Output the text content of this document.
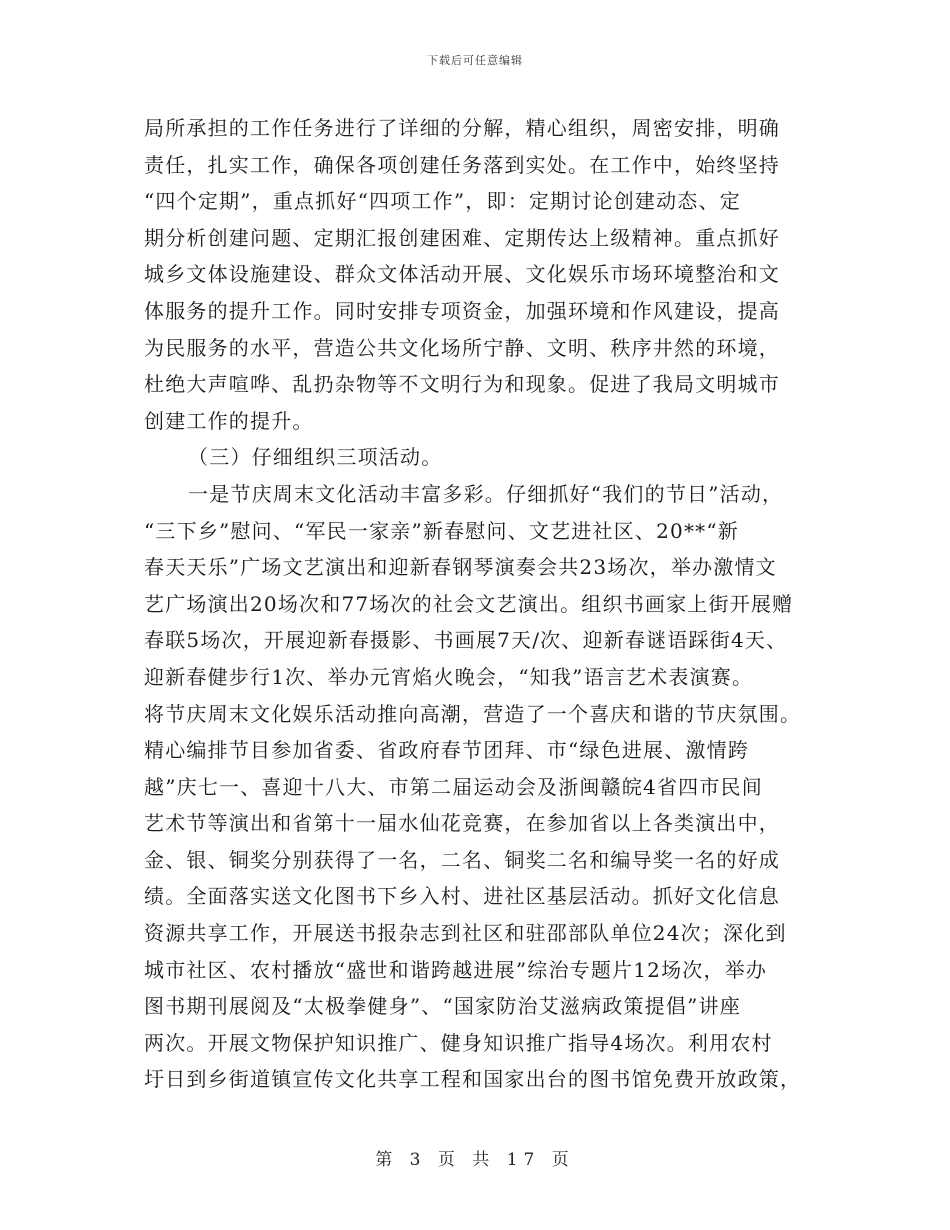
下载后可任意编辑
局所承担的工作任务进行了详细的分解，精心组织，周密安排，明确
责任，扎实工作，确保各项创建任务落到实处。在工作中，始终坚持
“四个定期”，重点抓好“四项工作”，即：定期讨论创建动态、定
期分析创建问题、定期汇报创建困难、定期传达上级精神。重点抓好
城乡文体设施建设、群众文体活动开展、文化娱乐市场环境整治和文
体服务的提升工作。同时安排专项资金，加强环境和作风建设，提高
为民服务的水平，营造公共文化场所宁静、文明、秩序井然的环境，
杜绝大声喧哗、乱扔杂物等不文明行为和现象。促进了我局文明城市
创建工作的提升。
（三）仔细组织三项活动。
一是节庆周末文化活动丰富多彩。仔细抓好“我们的节日”活动，
“三下乡”慰问、“军民一家亲”新春慰问、文艺进社区、20**“新
春天天乐”广场文艺演出和迎新春钢琴演奏会共23场次，举办激情文
艺广场演出20场次和77场次的社会文艺演出。组织书画家上街开展赠
春联5场次，开展迎新春摄影、书画展7天/次、迎新春谜语踩街4天、
迎新春健步行1次、举办元宵焰火晚会，“知我”语言艺术表演赛。
将节庆周末文化娱乐活动推向高潮，营造了一个喜庆和谐的节庆氛围。
精心编排节目参加省委、省政府春节团拜、市“绿色进展、激情跨
越”庆七一、喜迎十八大、市第二届运动会及浙闽赣皖4省四市民间
艺术节等演出和省第十一届水仙花竞赛，在参加省以上各类演出中，
金、银、铜奖分别获得了一名，二名、铜奖二名和编导奖一名的好成
绩。全面落实送文化图书下乡入村、进社区基层活动。抓好文化信息
资源共享工作，开展送书报杂志到社区和驻邵部队单位24次；深化到
城市社区、农村播放“盛世和谐跨越进展”综治专题片12场次，举办
图书期刊展阅及“太极拳健身”、“国家防治艾滋病政策提倡”讲座
两次。开展文物保护知识推广、健身知识推广指导4场次。利用农村
圩日到乡街道镇宣传文化共享工程和国家出台的图书馆免费开放政策，
第 3 页 共 17 页
